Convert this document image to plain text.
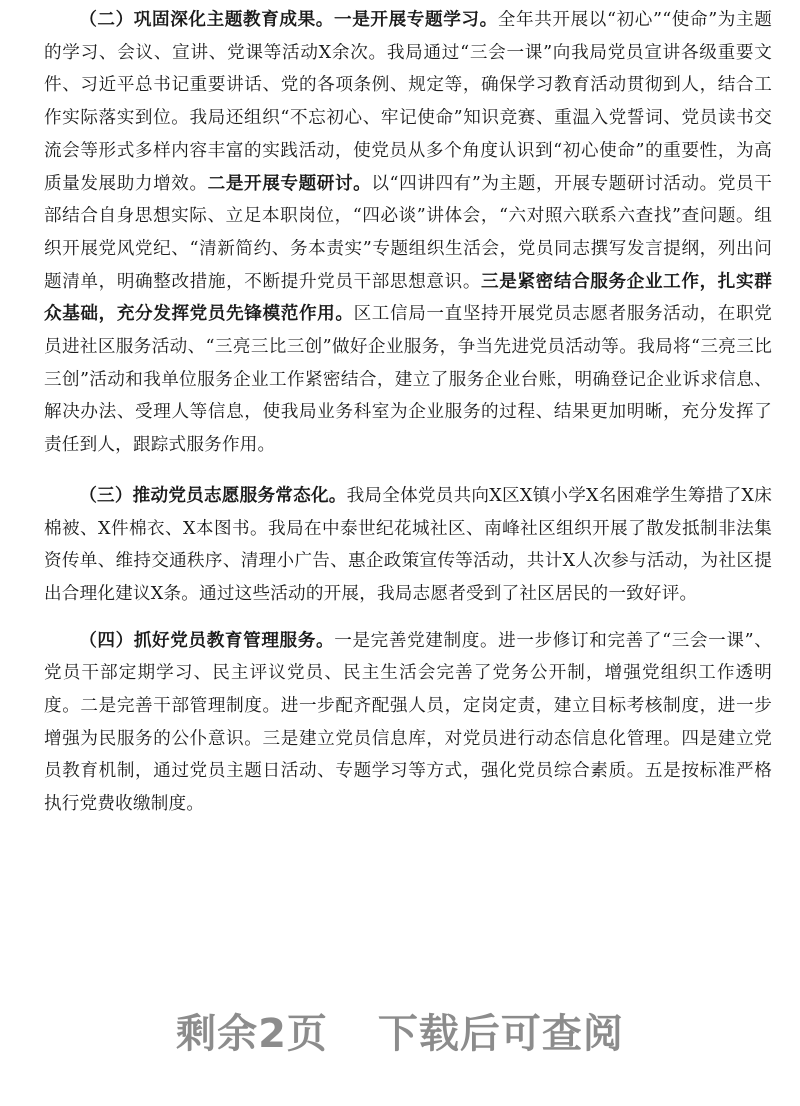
（二）巩固深化主题教育成果。一是开展专题学习。全年共开展以“初心”“使命”为主题的学习、会议、宣讲、党课等活动X余次。我局通过“三会一课”向我局党员宣讲各级重要文件、习近平总书记重要讲话、党的各项条例、规定等，确保学习教育活动贯彻到人，结合工作实际落实到位。我局还组织“不忘初心、牢记使命”知识竞赛、重温入党誓词、党员读书交流会等形式多样内容丰富的实践活动，使党员从多个角度认识到“初心使命”的重要性，为高质量发展助力增效。二是开展专题研讨。以“四讲四有”为主题，开展专题研讨活动。党员干部结合自身思想实际、立足本职岗位，“四必谈”讲体会，“六对照六联系六查找”查问题。组织开展党风党纪、“清新简约、务本责实”专题组织生活会，党员同志撰写发言提纲，列出问题清单，明确整改措施，不断提升党员干部思想意识。三是紧密结合服务企业工作，扎实群众基础，充分发挥党员先锋模范作用。区工信局一直坚持开展党员志愿者服务活动，在职党员进社区服务活动、“三亮三比三创”做好企业服务，争当先进党员活动等。我局将“三亮三比三创”活动和我单位服务企业工作紧密结合，建立了服务企业台账，明确登记企业诉求信息、解决办法、受理人等信息，使我局业务科室为企业服务的过程、结果更加明晰，充分发挥了责任到人，跟踪式服务作用。

（三）推动党员志愿服务常态化。我局全体党员共向X区X镇小学X名困难学生筹措了X床棉被、X件棉衣、X本图书。我局在中泰世纪花城社区、南峰社区组织开展了散发抵制非法集资传单、维持交通秩序、清理小广告、惠企政策宣传等活动，共计X人次参与活动，为社区提出合理化建议X条。通过这些活动的开展，我局志愿者受到了社区居民的一致好评。

（四）抓好党员教育管理服务。一是完善党建制度。进一步修订和完善了“三会一课”、党员干部定期学习、民主评议党员、民主生活会完善了党务公开制，增强党组织工作透明度。二是完善干部管理制度。进一步配齐配强人员，定岗定责，建立目标考核制度，进一步增强为民服务的公仆意识。三是建立党员信息库，对党员进行动态信息化管理。四是建立党员教育机制，通过党员主题日活动、专题学习等方式，强化党员综合素质。五是按标准严格执行党费收缴制度。

剩余2页 下载后可查阅
